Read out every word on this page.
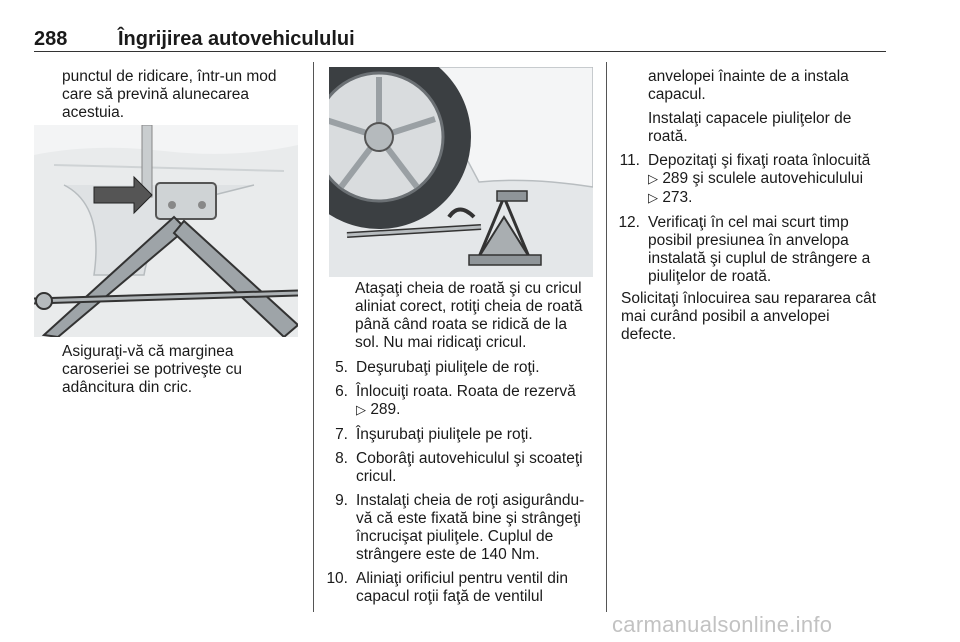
288	Îngrijirea autovehiculului

punctul de ridicare, într-un mod care să prevină alunecarea acestuia.

Asiguraţi-vă că marginea caroseriei se potriveşte cu adâncitura din cric.

Ataşaţi cheia de roată şi cu cricul aliniat corect, rotiţi cheia de roată până când roata se ridică de la sol. Nu mai ridicaţi cricul.

5. Deşurubaţi piuliţele de roţi.
6. Înlocuiţi roata. Roata de rezervă
▷ 289.
7. Înşurubaţi piuliţele pe roţi.
8. Coborâţi autovehiculul şi scoateţi cricul.
9. Instalaţi cheia de roţi asigurându-vă că este fixată bine şi strângeţi încrucişat piuliţele. Cuplul de strângere este de 140 Nm.
10. Aliniaţi orificiul pentru ventil din capacul roţii faţă de ventilul

anvelopei înainte de a instala capacul.

Instalaţi capacele piuliţelor de roată.

11. Depozitaţi şi fixaţi roata înlocuită
▷ 289 şi sculele autovehiculului
▷ 273.
12. Verificaţi în cel mai scurt timp posibil presiunea în anvelopa instalată şi cuplul de strângere a piuliţelor de roată.

Solicitaţi înlocuirea sau repararea cât mai curând posibil a anvelopei defecte.

carmanualsonline.info
